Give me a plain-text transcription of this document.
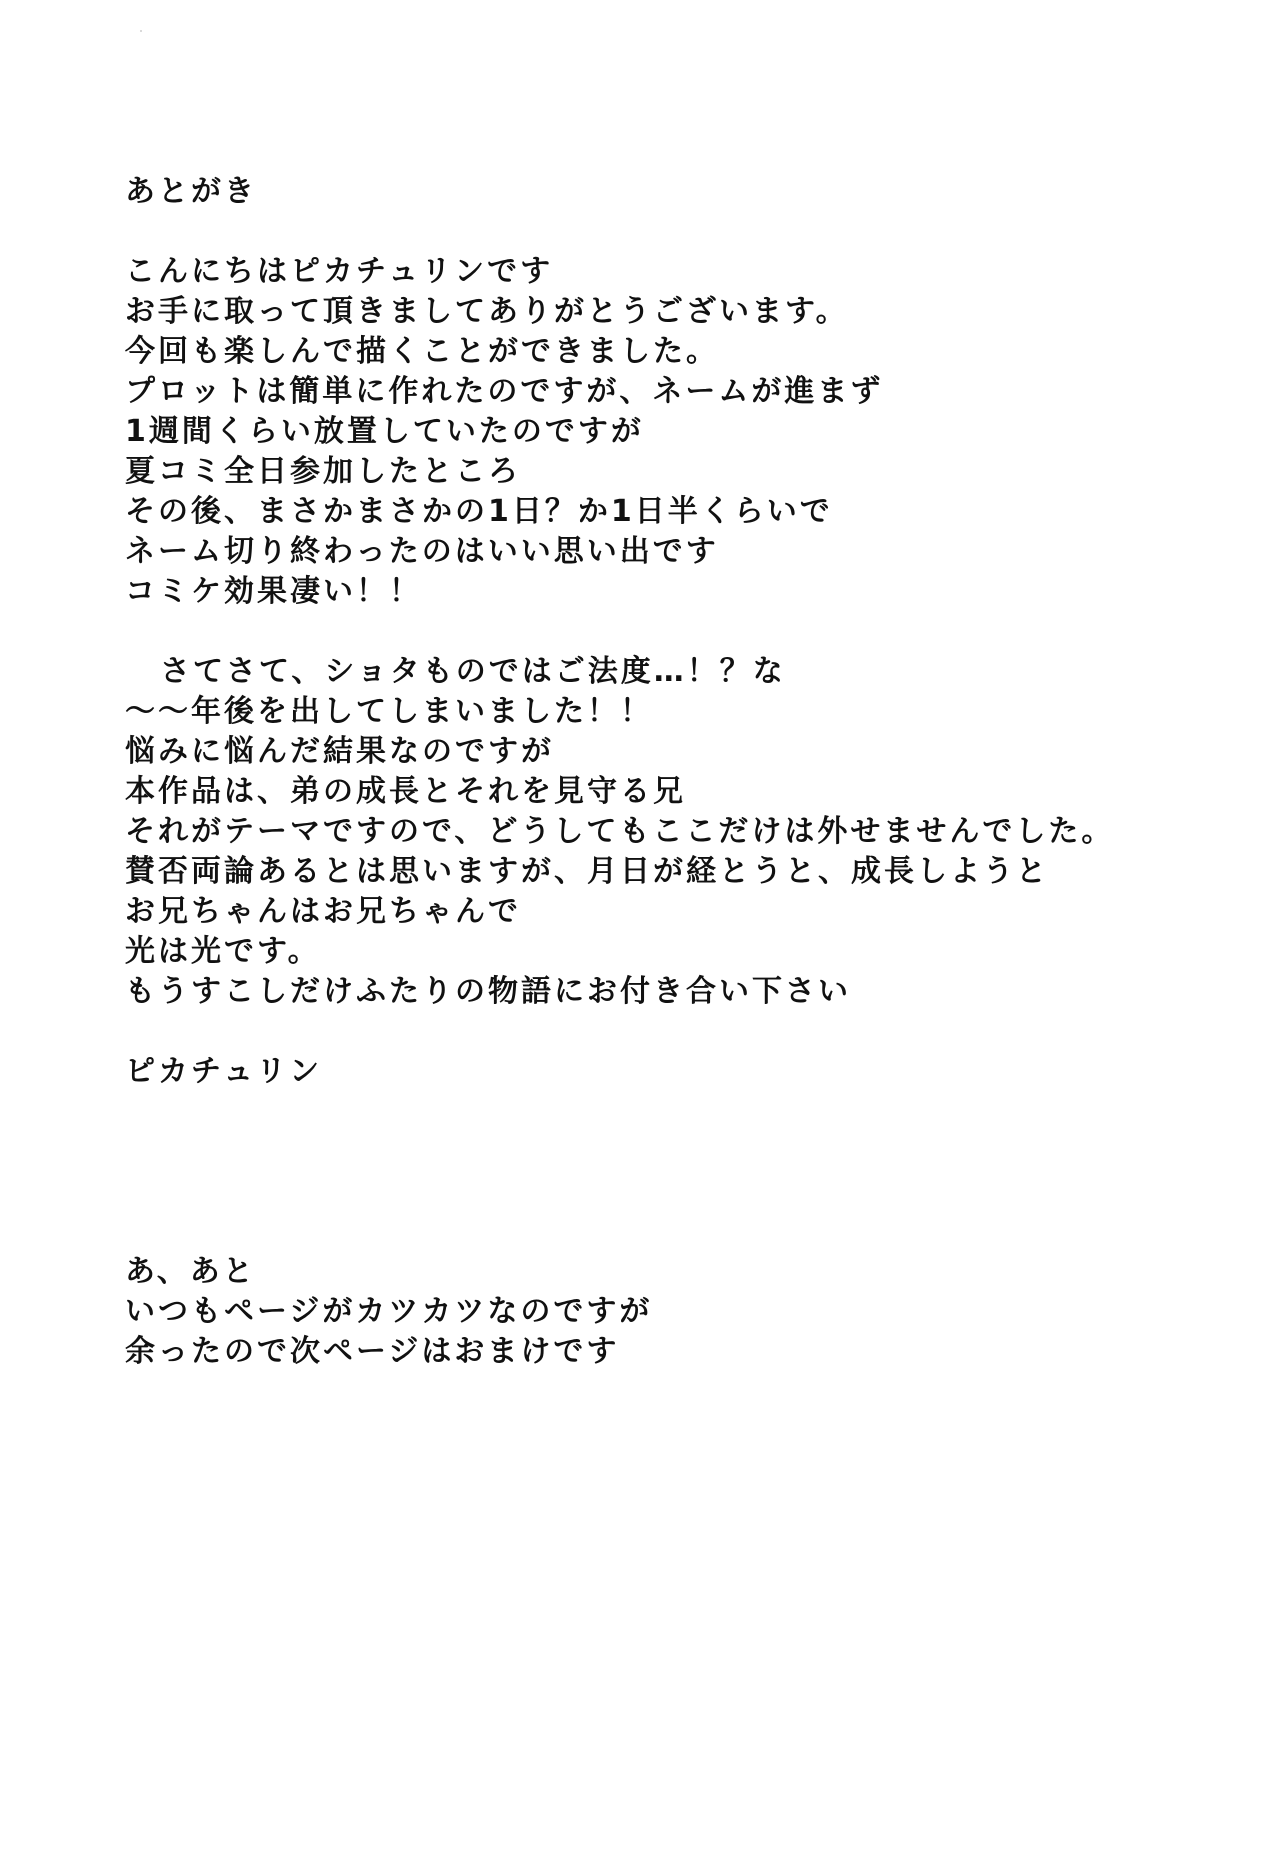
あとがき

こんにちはピカチュリンです

お手に取って頂きましてありがとうございます。

今回も楽しんで描くことができました。

プロットは簡単に作れたのですが、ネームが進まず

1週間くらい放置していたのですが

夏コミ全日参加したところ

その後、まさかまさかの1日？か1日半くらいで

ネーム切り終わったのはいい思い出です

コミケ効果凄い！！

さてさて、ショタものではご法度…！？な

〜〜年後を出してしまいました！！

悩みに悩んだ結果なのですが

本作品は、弟の成長とそれを見守る兄

それがテーマですので、どうしてもここだけは外せませんでした。

賛否両論あるとは思いますが、月日が経とうと、成長しようと

お兄ちゃんはお兄ちゃんで

光は光です。

もうすこしだけふたりの物語にお付き合い下さい

ピカチュリン

あ、あと

いつもページがカツカツなのですが

余ったので次ページはおまけです
